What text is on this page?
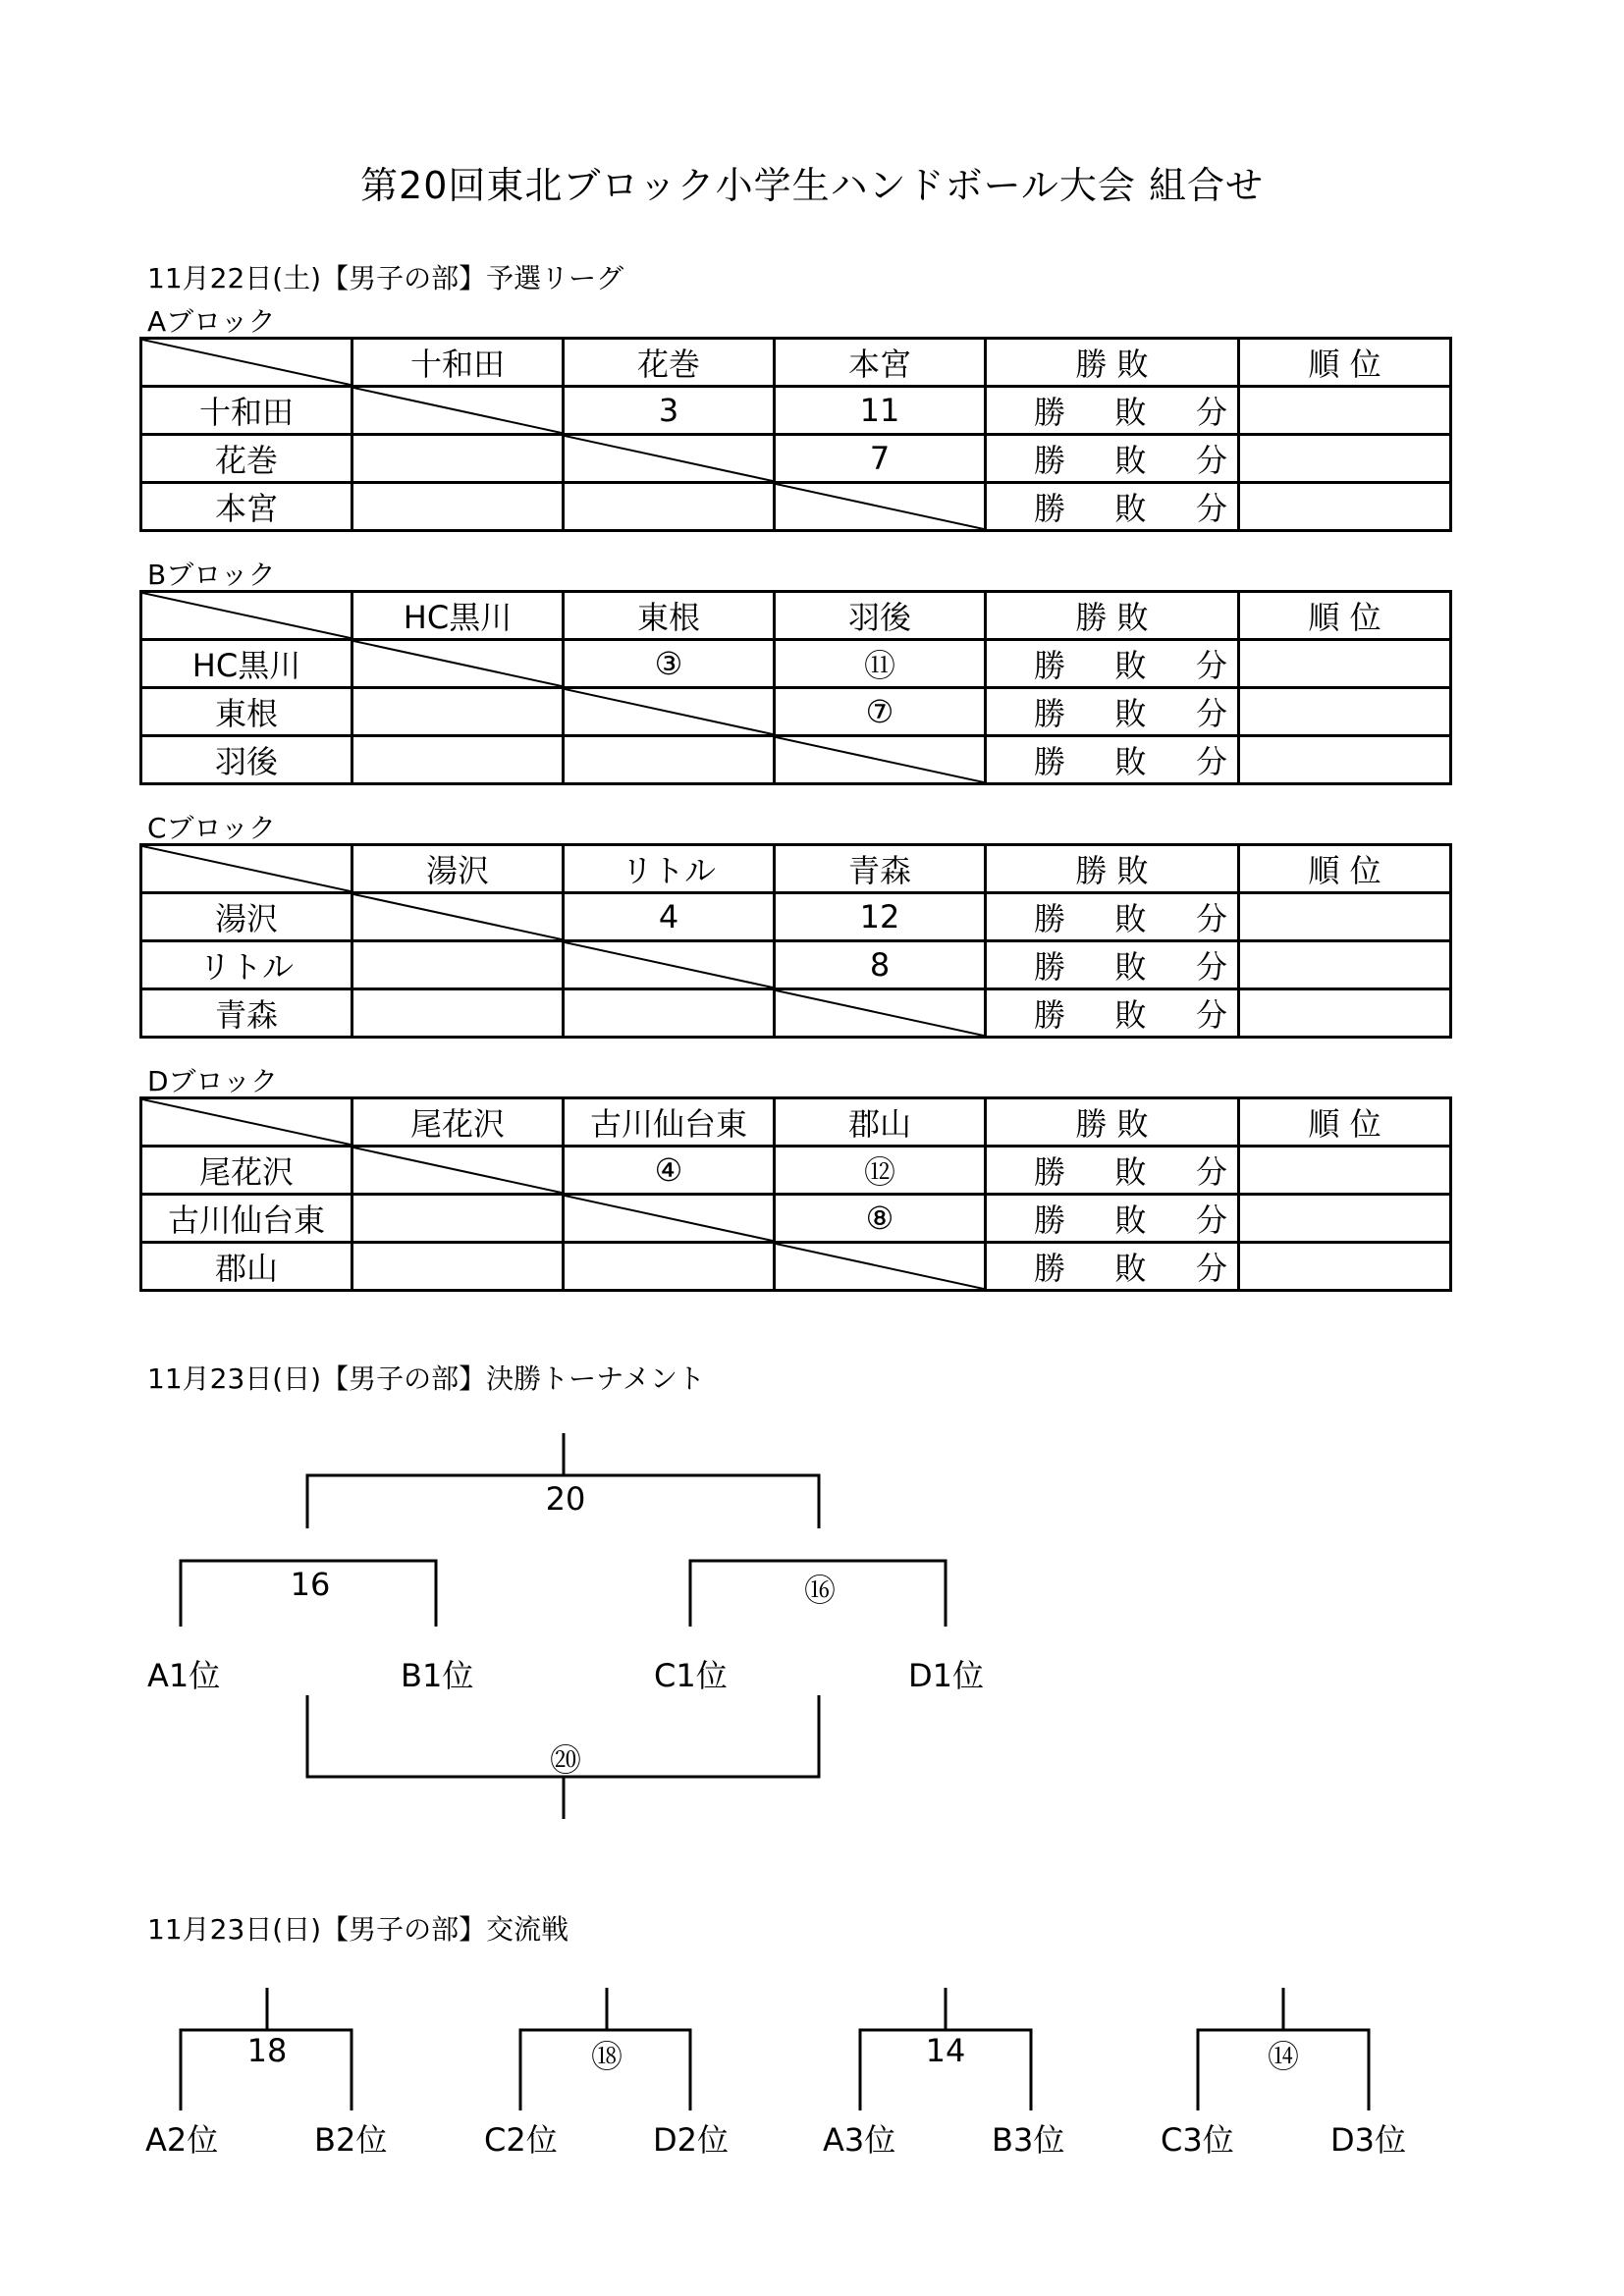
第20回東北ブロック小学生ハンドボール大会 組合せ
11月22日(土)【男子の部】予選リーグ
Aブロック
	十和田	花巻	本宮	勝 敗	順 位
十和田		3	11	勝 敗 分	

花巻			7	勝 敗 分	

本宮				勝 敗 分	

Bブロック
	HC黒川	東根	羽後	勝 敗	順 位
HC黒川		③	⑪	勝 敗 分	

東根			⑦	勝 敗 分	

羽後				勝 敗 分	

Cブロック
	湯沢	リトル	青森	勝 敗	順 位
湯沢		4	12	勝 敗 分	

リトル			8	勝 敗 分	

青森				勝 敗 分	

Dブロック
	尾花沢	古川仙台東	郡山	勝 敗	順 位
尾花沢		④	⑫	勝 敗 分	

古川仙台東			⑧	勝 敗 分	

郡山				勝 敗 分	

11月23日(日)【男子の部】決勝トーナメント
20
16	⑯
⑳
A1位	B1位	C1位	D1位
11月23日(日)【男子の部】交流戦
18	⑱	14	⑭
A2位	B2位	C2位	D2位	A3位	B3位	C3位	D3位
